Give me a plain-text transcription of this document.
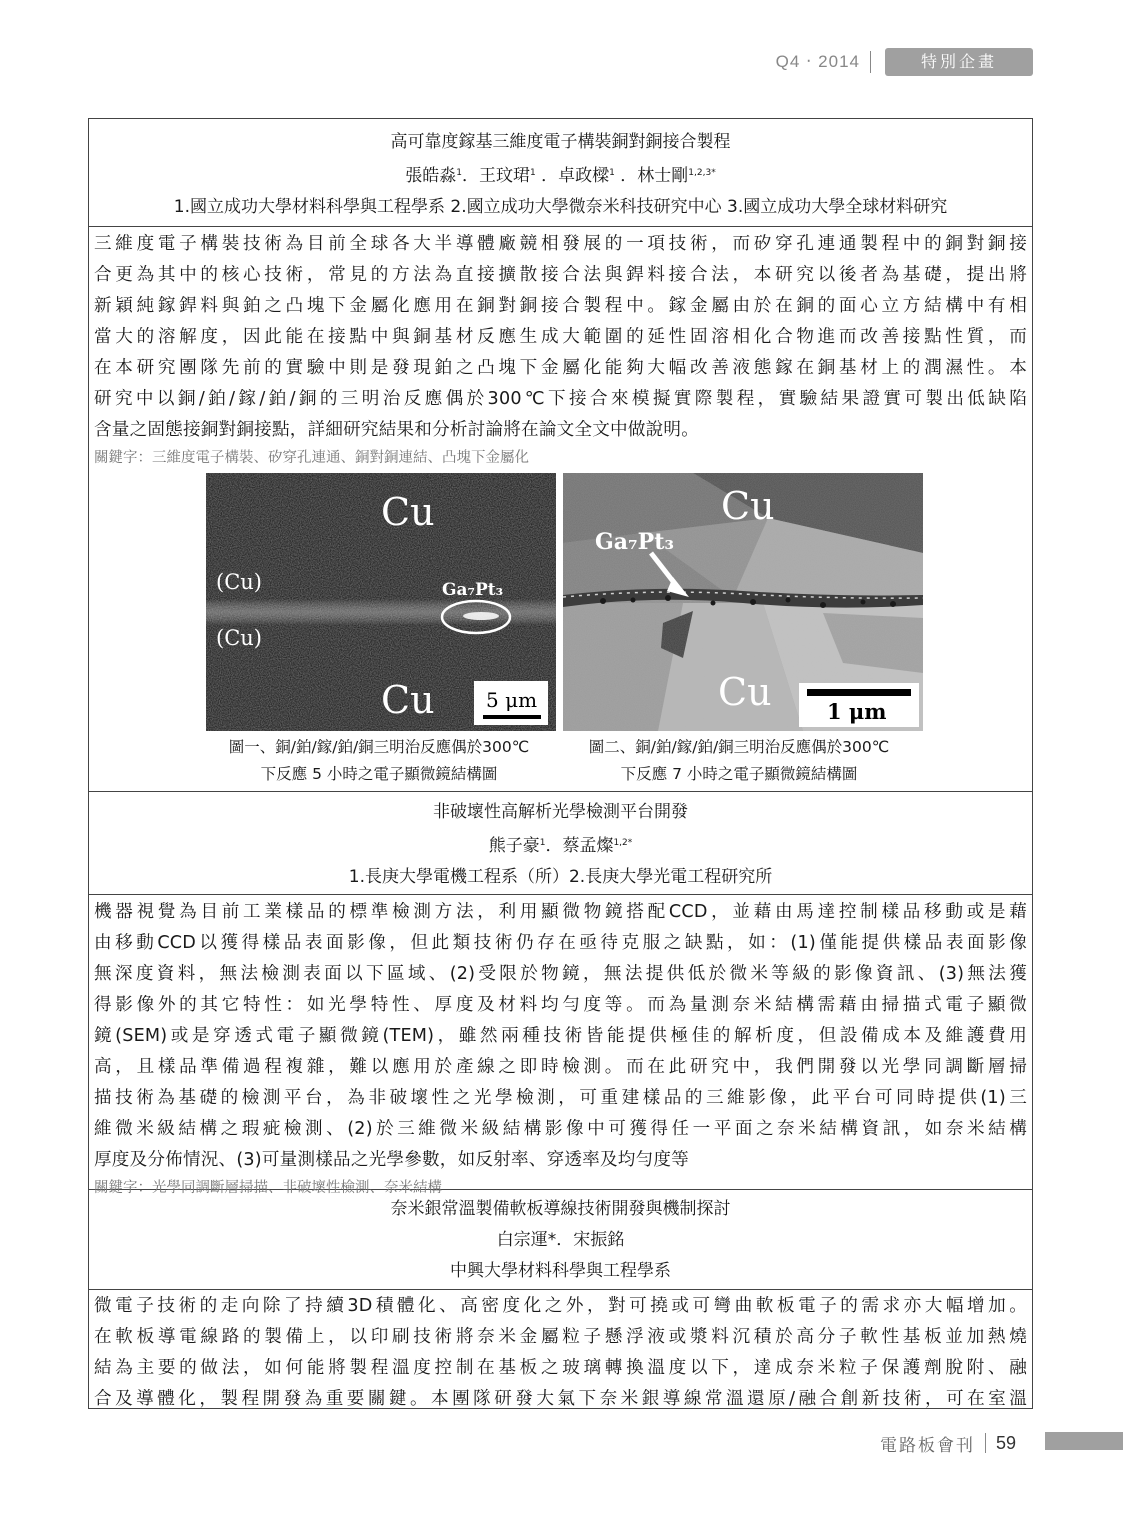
Q4 ‧ 2014	特別企畫
高可靠度鎵基三維度電子構裝銅對銅接合製程
張皓淼$^1$．王玟珺$^1$ ．卓政樑$^1$ ．林士剛$^{1,2,3*}$
1.國立成功大學材料科學與工程學系 2.國立成功大學微奈米科技研究中心 3.國立成功大學全球材料研究
三維度電子構裝技術為目前全球各大半導體廠競相發展的一項技術，而矽穿孔連通製程中的銅對銅接
合更為其中的核心技術，常見的方法為直接擴散接合法與銲料接合法，本研究以後者為基礎，提出將
新穎純鎵銲料與鉑之凸塊下金屬化應用在銅對銅接合製程中。鎵金屬由於在銅的面心立方結構中有相
當大的溶解度，因此能在接點中與銅基材反應生成大範圍的延性固溶相化合物進而改善接點性質，而
在本研究團隊先前的實驗中則是發現鉑之凸塊下金屬化能夠大幅改善液態鎵在銅基材上的潤濕性。本
研究中以銅/鉑/鎵/鉑/銅的三明治反應偶於300℃下接合來模擬實際製程，實驗結果證實可製出低缺陷
含量之固態接銅對銅接點，詳細研究結果和分析討論將在論文全文中做說明。
關鍵字：三維度電子構裝、矽穿孔連通、銅對銅連結、凸塊下金屬化
Cu
(Cu)
(Cu)
Ga₇Pt₃
Cu	5 μm
Cu
Ga₇Pt₃
Cu	1 μm
圖一、銅/鉑/鎵/鉑/銅三明治反應偶於300℃
下反應 5 小時之電子顯微鏡結構圖
圖二、銅/鉑/鎵/鉑/銅三明治反應偶於300℃
下反應 7 小時之電子顯微鏡結構圖
非破壞性高解析光學檢測平台開發
熊子豪$^1$．蔡孟燦$^{1,2*}$
1.長庚大學電機工程系（所）2.長庚大學光電工程研究所
機器視覺為目前工業樣品的標準檢測方法，利用顯微物鏡搭配CCD，並藉由馬達控制樣品移動或是藉
由移動CCD以獲得樣品表面影像，但此類技術仍存在亟待克服之缺點，如：(1)僅能提供樣品表面影像
無深度資料，無法檢測表面以下區域、(2)受限於物鏡，無法提供低於微米等級的影像資訊、(3)無法獲
得影像外的其它特性：如光學特性、厚度及材料均勻度等。而為量測奈米結構需藉由掃描式電子顯微
鏡(SEM)或是穿透式電子顯微鏡(TEM)，雖然兩種技術皆能提供極佳的解析度，但設備成本及維護費用
高，且樣品準備過程複雜，難以應用於產線之即時檢測。而在此研究中，我們開發以光學同調斷層掃
描技術為基礎的檢測平台，為非破壞性之光學檢測，可重建樣品的三維影像，此平台可同時提供(1)三
維微米級結構之瑕疵檢測、(2)於三維微米級結構影像中可獲得任一平面之奈米結構資訊，如奈米結構
厚度及分佈情況、(3)可量測樣品之光學參數，如反射率、穿透率及均勻度等
關鍵字：光學同調斷層掃描、非破壞性檢測、奈米結構
奈米銀常溫製備軟板導線技術開發與機制探討
白宗運*．宋振銘
中興大學材料科學與工程學系
微電子技術的走向除了持續3D積體化、高密度化之外，對可撓或可彎曲軟板電子的需求亦大幅增加。
在軟板導電線路的製備上，以印刷技術將奈米金屬粒子懸浮液或漿料沉積於高分子軟性基板並加熱燒
結為主要的做法，如何能將製程溫度控制在基板之玻璃轉換溫度以下，達成奈米粒子保護劑脫附、融
合及導體化，製程開發為重要關鍵。本團隊研發大氣下奈米銀導線常溫還原/融合創新技術，可在室溫
電路板會刊 59
